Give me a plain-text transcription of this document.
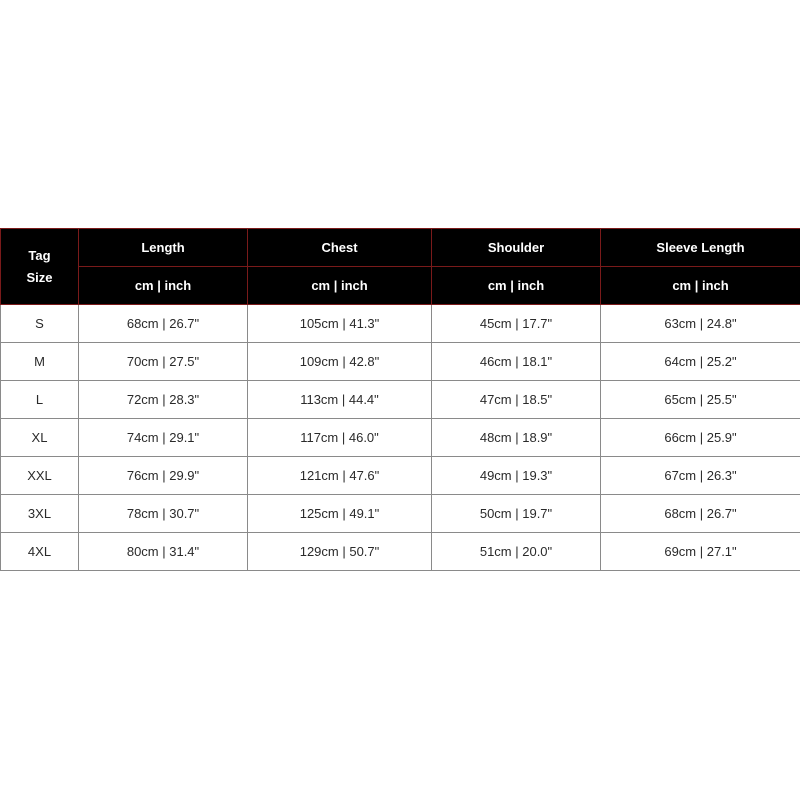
Tag
Size	Length	Chest	Shoulder	Sleeve Length
	cm | inch	cm | inch	cm | inch	cm | inch
S	68cm | 26.7"	105cm | 41.3"	45cm | 17.7"	63cm | 24.8"
M	70cm | 27.5"	109cm | 42.8"	46cm | 18.1"	64cm | 25.2"
L	72cm | 28.3"	113cm | 44.4"	47cm | 18.5"	65cm | 25.5"
XL	74cm | 29.1"	117cm | 46.0"	48cm | 18.9"	66cm | 25.9"
XXL	76cm | 29.9"	121cm | 47.6"	49cm | 19.3"	67cm | 26.3"
3XL	78cm | 30.7"	125cm | 49.1"	50cm | 19.7"	68cm | 26.7"
4XL	80cm | 31.4"	129cm | 50.7"	51cm | 20.0"	69cm | 27.1"
